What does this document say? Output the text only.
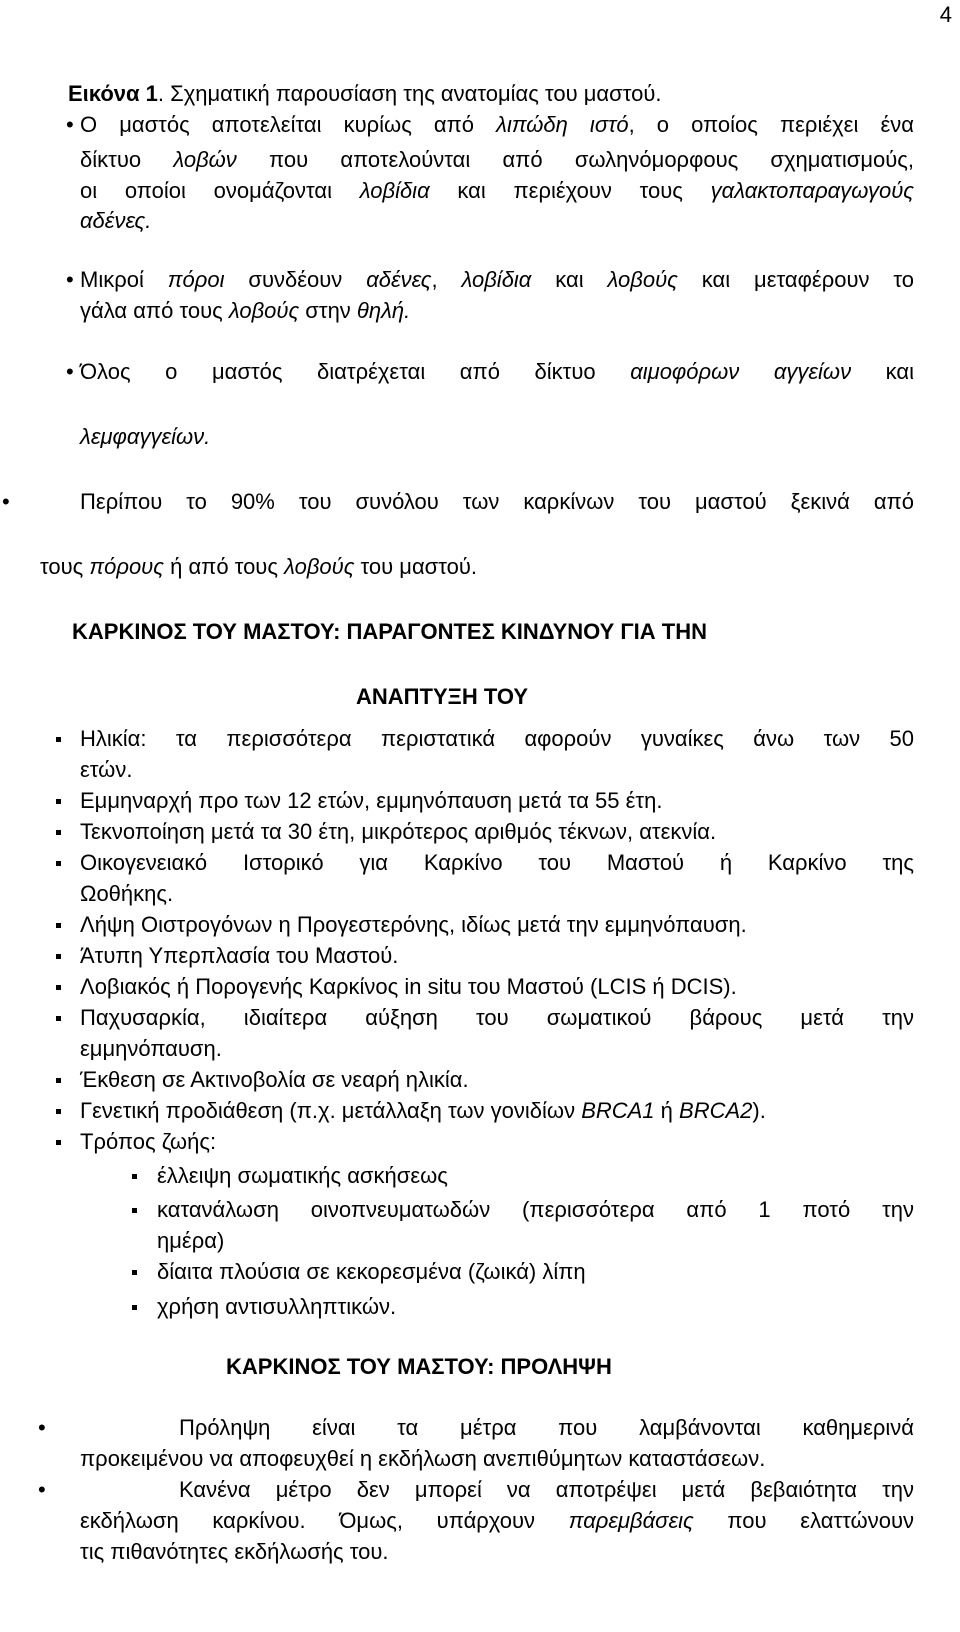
4
Εικόνα 1. Σχηματική παρουσίαση της ανατομίας του μαστού.
• Ο μαστός αποτελείται κυρίως από λιπώδη ιστό, ο οποίος περιέχει ένα
δίκτυο λοβών που αποτελούνται από σωληνόμορφους σχηματισμούς,
οι οποίοι ονομάζονται λοβίδια και περιέχουν τους γαλακτοπαραγωγούς
αδένες.
• Μικροί πόροι συνδέουν αδένες, λοβίδια και λοβούς και μεταφέρουν το
γάλα από τους λοβούς στην θηλή.
• Όλος ο μαστός διατρέχεται από δίκτυο αιμοφόρων αγγείων και
λεμφαγγείων.
•	Περίπου το 90% του συνόλου των καρκίνων του μαστού ξεκινά από
τους πόρους ή από τους λοβούς του μαστού.
ΚΑΡΚΙΝΟΣ ΤΟΥ ΜΑΣΤΟΥ: ΠΑΡΑΓΟΝΤΕΣ ΚΙΝΔΥΝΟΥ ΓΙΑ ΤΗΝ
ΑΝΑΠΤΥΞΗ ΤΟΥ
Ηλικία: τα περισσότερα περιστατικά αφορούν γυναίκες άνω των 50
ετών.
Εμμηναρχή προ των 12 ετών, εμμηνόπαυση μετά τα 55 έτη.
Τεκνοποίηση μετά τα 30 έτη, μικρότερος αριθμός τέκνων, ατεκνία.
Οικογενειακό Ιστορικό για Καρκίνο του Μαστού ή Καρκίνο της
Ωοθήκης.
Λήψη Οιστρογόνων η Προγεστερόνης, ιδίως μετά την εμμηνόπαυση.
Άτυπη Υπερπλασία του Μαστού.
Λοβιακός ή Πορογενής Καρκίνος in situ του Μαστού (LCIS ή DCIS).
Παχυσαρκία, ιδιαίτερα αύξηση του σωματικού βάρους μετά την
εμμηνόπαυση.
Έκθεση σε Ακτινοβολία σε νεαρή ηλικία.
Γενετική προδιάθεση (π.χ. μετάλλαξη των γονιδίων BRCA1 ή BRCA2).
Τρόπος ζωής:
έλλειψη σωματικής ασκήσεως
κατανάλωση οινοπνευματωδών (περισσότερα από 1 ποτό την
ημέρα)
δίαιτα πλούσια σε κεκορεσμένα (ζωικά) λίπη
χρήση αντισυλληπτικών.
ΚΑΡΚΙΝΟΣ ΤΟΥ ΜΑΣΤΟΥ: ΠΡΟΛΗΨΗ
•	Πρόληψη είναι τα μέτρα που λαμβάνονται καθημερινά
προκειμένου να αποφευχθεί η εκδήλωση ανεπιθύμητων καταστάσεων.
•	Κανένα μέτρο δεν μπορεί να αποτρέψει μετά βεβαιότητα την
εκδήλωση καρκίνου. Όμως, υπάρχουν παρεμβάσεις που ελαττώνουν
τις πιθανότητες εκδήλωσής του.
